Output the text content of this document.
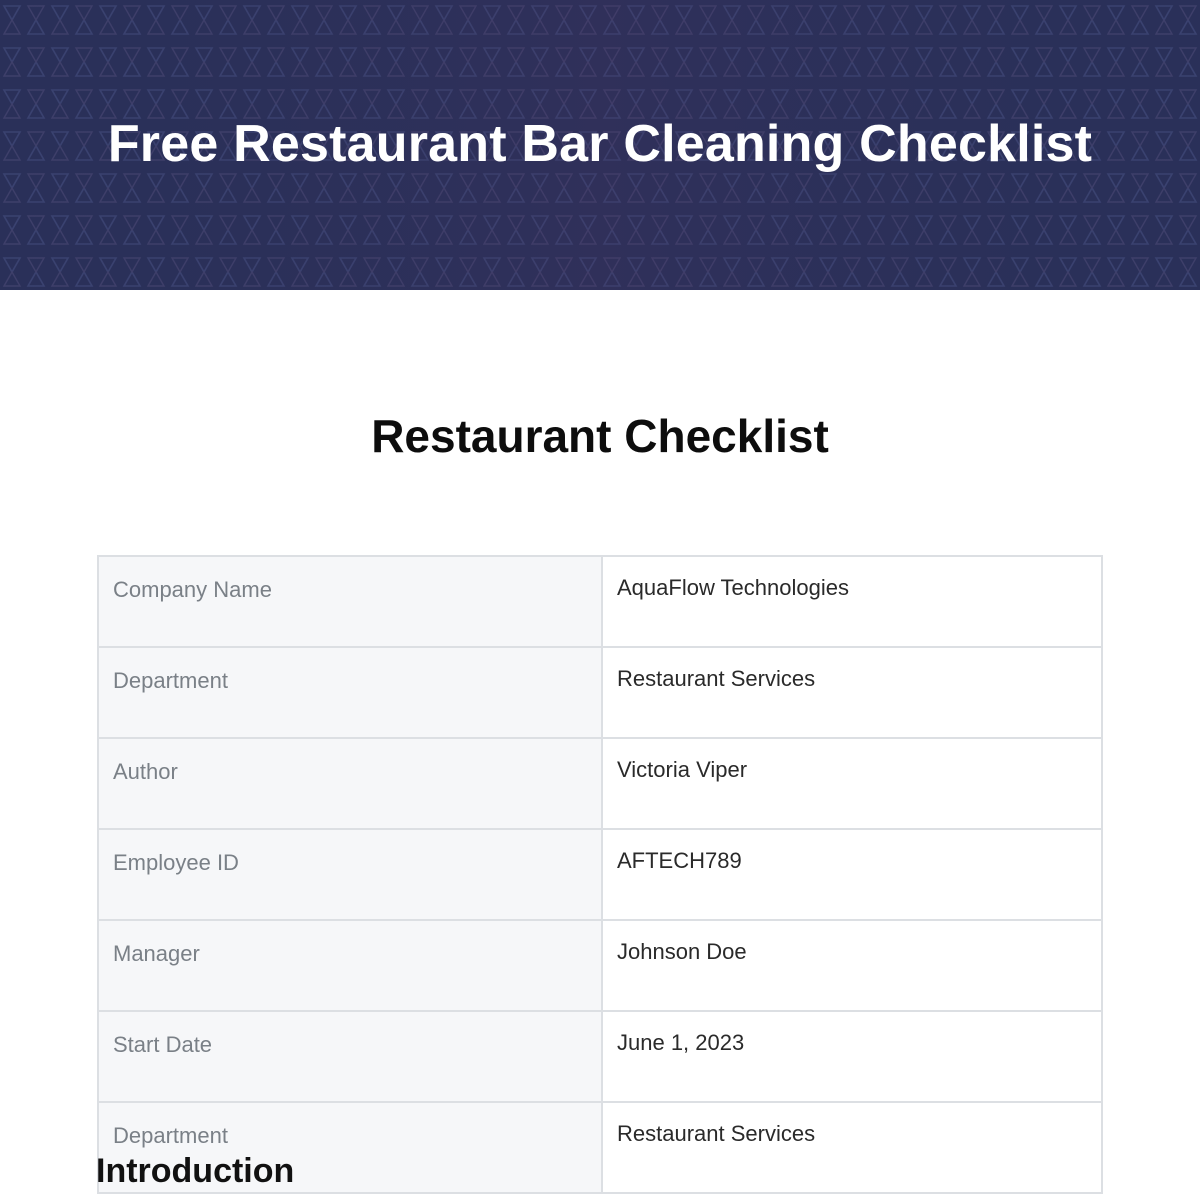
Free Restaurant Bar Cleaning Checklist
Restaurant Checklist
Company Name	AquaFlow Technologies
Department	Restaurant Services
Author	Victoria Viper
Employee ID	AFTECH789
Manager	Johnson Doe
Start Date	June 1, 2023
Department	Restaurant Services
Introduction
